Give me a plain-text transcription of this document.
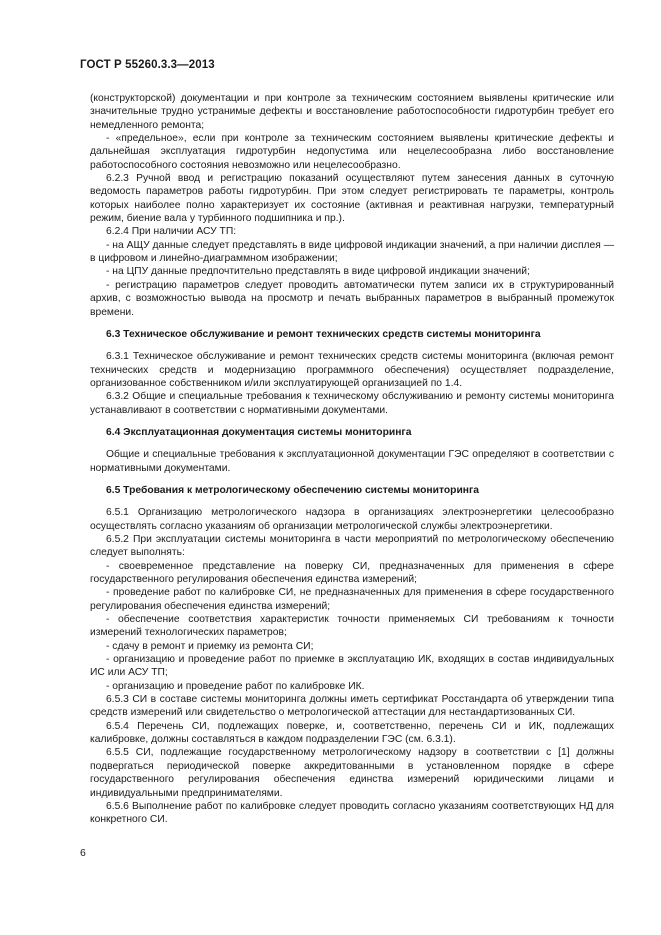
ГОСТ Р 55260.3.3—2013

(конструкторской) документации и при контроле за техническим состоянием выявлены критические или значительные трудно устранимые дефекты и восстановление работоспособности гидротурбин требует его немедленного ремонта;

- «предельное», если при контроле за техническим состоянием выявлены критические дефекты и дальнейшая эксплуатация гидротурбин недопустима или нецелесообразна либо восстановление работоспособного состояния невозможно или нецелесообразно.

6.2.3 Ручной ввод и регистрацию показаний осуществляют путем занесения данных в суточную ведомость параметров работы гидротурбин. При этом следует регистрировать те параметры, контроль которых наиболее полно характеризует их состояние (активная и реактивная нагрузки, температурный режим, биение вала у турбинного подшипника и пр.).

6.2.4 При наличии АСУ ТП:

- на АЩУ данные следует представлять в виде цифровой индикации значений, а при наличии дисплея — в цифровом и линейно-диаграммном изображении;

- на ЦПУ данные предпочтительно представлять в виде цифровой индикации значений;

- регистрацию параметров следует проводить автоматически путем записи их в структурированный архив, с возможностью вывода на просмотр и печать выбранных параметров в выбранный промежуток времени.

6.3 Техническое обслуживание и ремонт технических средств системы мониторинга

6.3.1 Техническое обслуживание и ремонт технических средств системы мониторинга (включая ремонт технических средств и модернизацию программного обеспечения) осуществляет подразделение, организованное собственником и/или эксплуатирующей организацией по 1.4.

6.3.2 Общие и специальные требования к техническому обслуживанию и ремонту системы мониторинга устанавливают в соответствии с нормативными документами.

6.4 Эксплуатационная документация системы мониторинга

Общие и специальные требования к эксплуатационной документации ГЭС определяют в соответствии с нормативными документами.

6.5 Требования к метрологическому обеспечению системы мониторинга

6.5.1 Организацию метрологического надзора в организациях электроэнергетики целесообразно осуществлять согласно указаниям об организации метрологической службы электроэнергетики.

6.5.2 При эксплуатации системы мониторинга в части мероприятий по метрологическому обеспечению следует выполнять:

- своевременное представление на поверку СИ, предназначенных для применения в сфере государственного регулирования обеспечения единства измерений;

- проведение работ по калибровке СИ, не предназначенных для применения в сфере государственного регулирования обеспечения единства измерений;

- обеспечение соответствия характеристик точности применяемых СИ требованиям к точности измерений технологических параметров;

- сдачу в ремонт и приемку из ремонта СИ;

- организацию и проведение работ по приемке в эксплуатацию ИК, входящих в состав индивидуальных ИС или АСУ ТП;

- организацию и проведение работ по калибровке ИК.

6.5.3 СИ в составе системы мониторинга должны иметь сертификат Росстандарта об утверждении типа средств измерений или свидетельство о метрологической аттестации для нестандартизованных СИ.

6.5.4 Перечень СИ, подлежащих поверке, и, соответственно, перечень СИ и ИК, подлежащих калибровке, должны составляться в каждом подразделении ГЭС (см. 6.3.1).

6.5.5 СИ, подлежащие государственному метрологическому надзору в соответствии с [1] должны подвергаться периодической поверке аккредитованными в установленном порядке в сфере государственного регулирования обеспечения единства измерений юридическими лицами и индивидуальными предпринимателями.

6.5.6 Выполнение работ по калибровке следует проводить согласно указаниям соответствующих НД для конкретного СИ.

6
